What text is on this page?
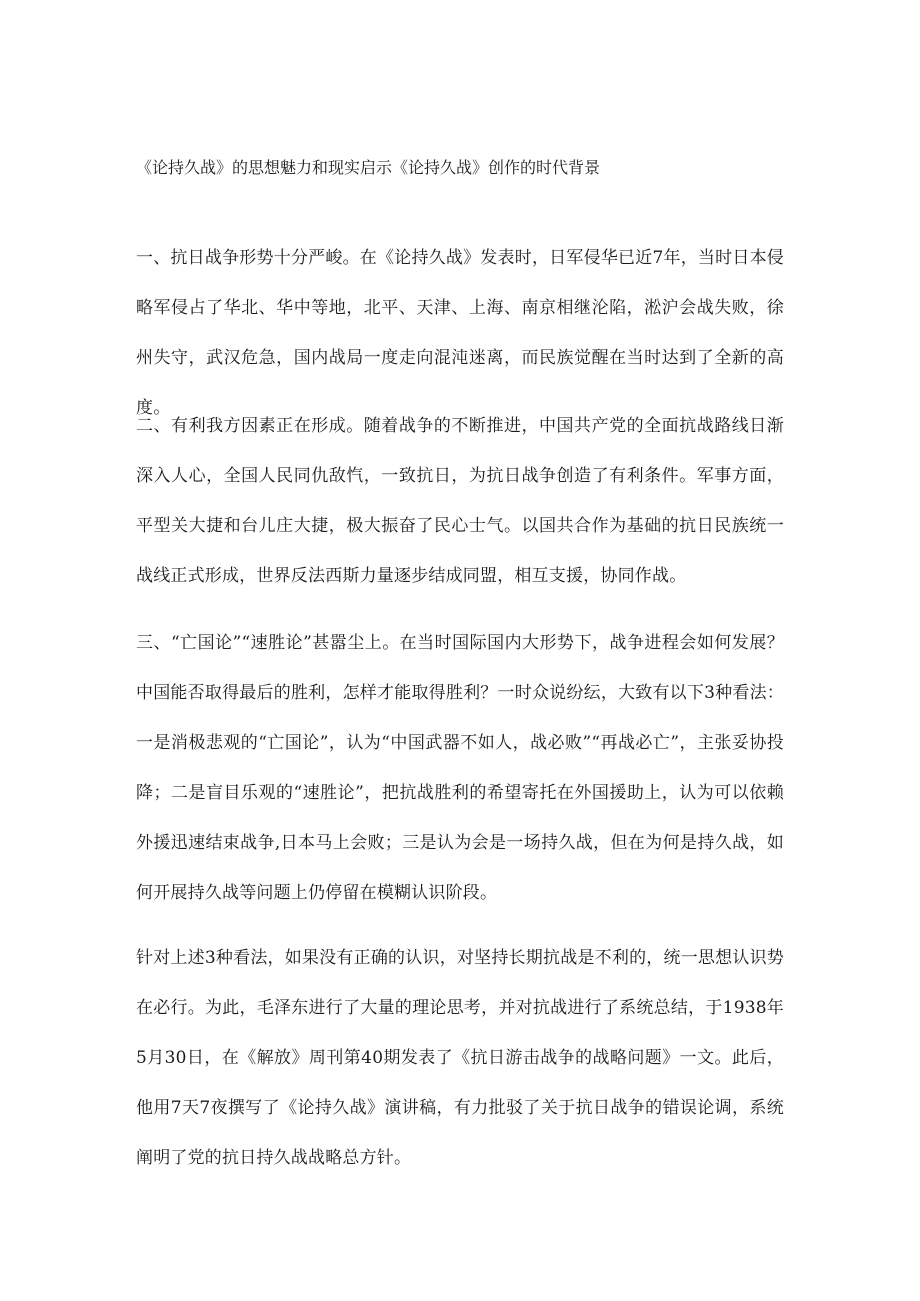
《论持久战》的思想魅力和现实启示《论持久战》创作的时代背景

一、抗日战争形势十分严峻。在《论持久战》发表时，日军侵华已近7年，当时日本侵略军侵占了华北、华中等地，北平、天津、上海、南京相继沦陷，淞沪会战失败，徐州失守，武汉危急，国内战局一度走向混沌迷离，而民族觉醒在当时达到了全新的高度。

二、有利我方因素正在形成。随着战争的不断推进，中国共产党的全面抗战路线日渐深入人心，全国人民同仇敌忾，一致抗日，为抗日战争创造了有利条件。军事方面，平型关大捷和台儿庄大捷，极大振奋了民心士气。以国共合作为基础的抗日民族统一战线正式形成，世界反法西斯力量逐步结成同盟，相互支援，协同作战。

三、“亡国论”“速胜论”甚嚣尘上。在当时国际国内大形势下，战争进程会如何发展？中国能否取得最后的胜利，怎样才能取得胜利？一时众说纷纭，大致有以下3种看法：一是消极悲观的“亡国论”，认为“中国武器不如人，战必败”“再战必亡”，主张妥协投降；二是盲目乐观的“速胜论”，把抗战胜利的希望寄托在外国援助上，认为可以依赖外援迅速结束战争,日本马上会败；三是认为会是一场持久战，但在为何是持久战，如何开展持久战等问题上仍停留在模糊认识阶段。

针对上述3种看法，如果没有正确的认识，对坚持长期抗战是不利的，统一思想认识势在必行。为此，毛泽东进行了大量的理论思考，并对抗战进行了系统总结，于1938年5月30日，在《解放》周刊第40期发表了《抗日游击战争的战略问题》一文。此后，他用7天7夜撰写了《论持久战》演讲稿，有力批驳了关于抗日战争的错误论调，系统阐明了党的抗日持久战战略总方针。
